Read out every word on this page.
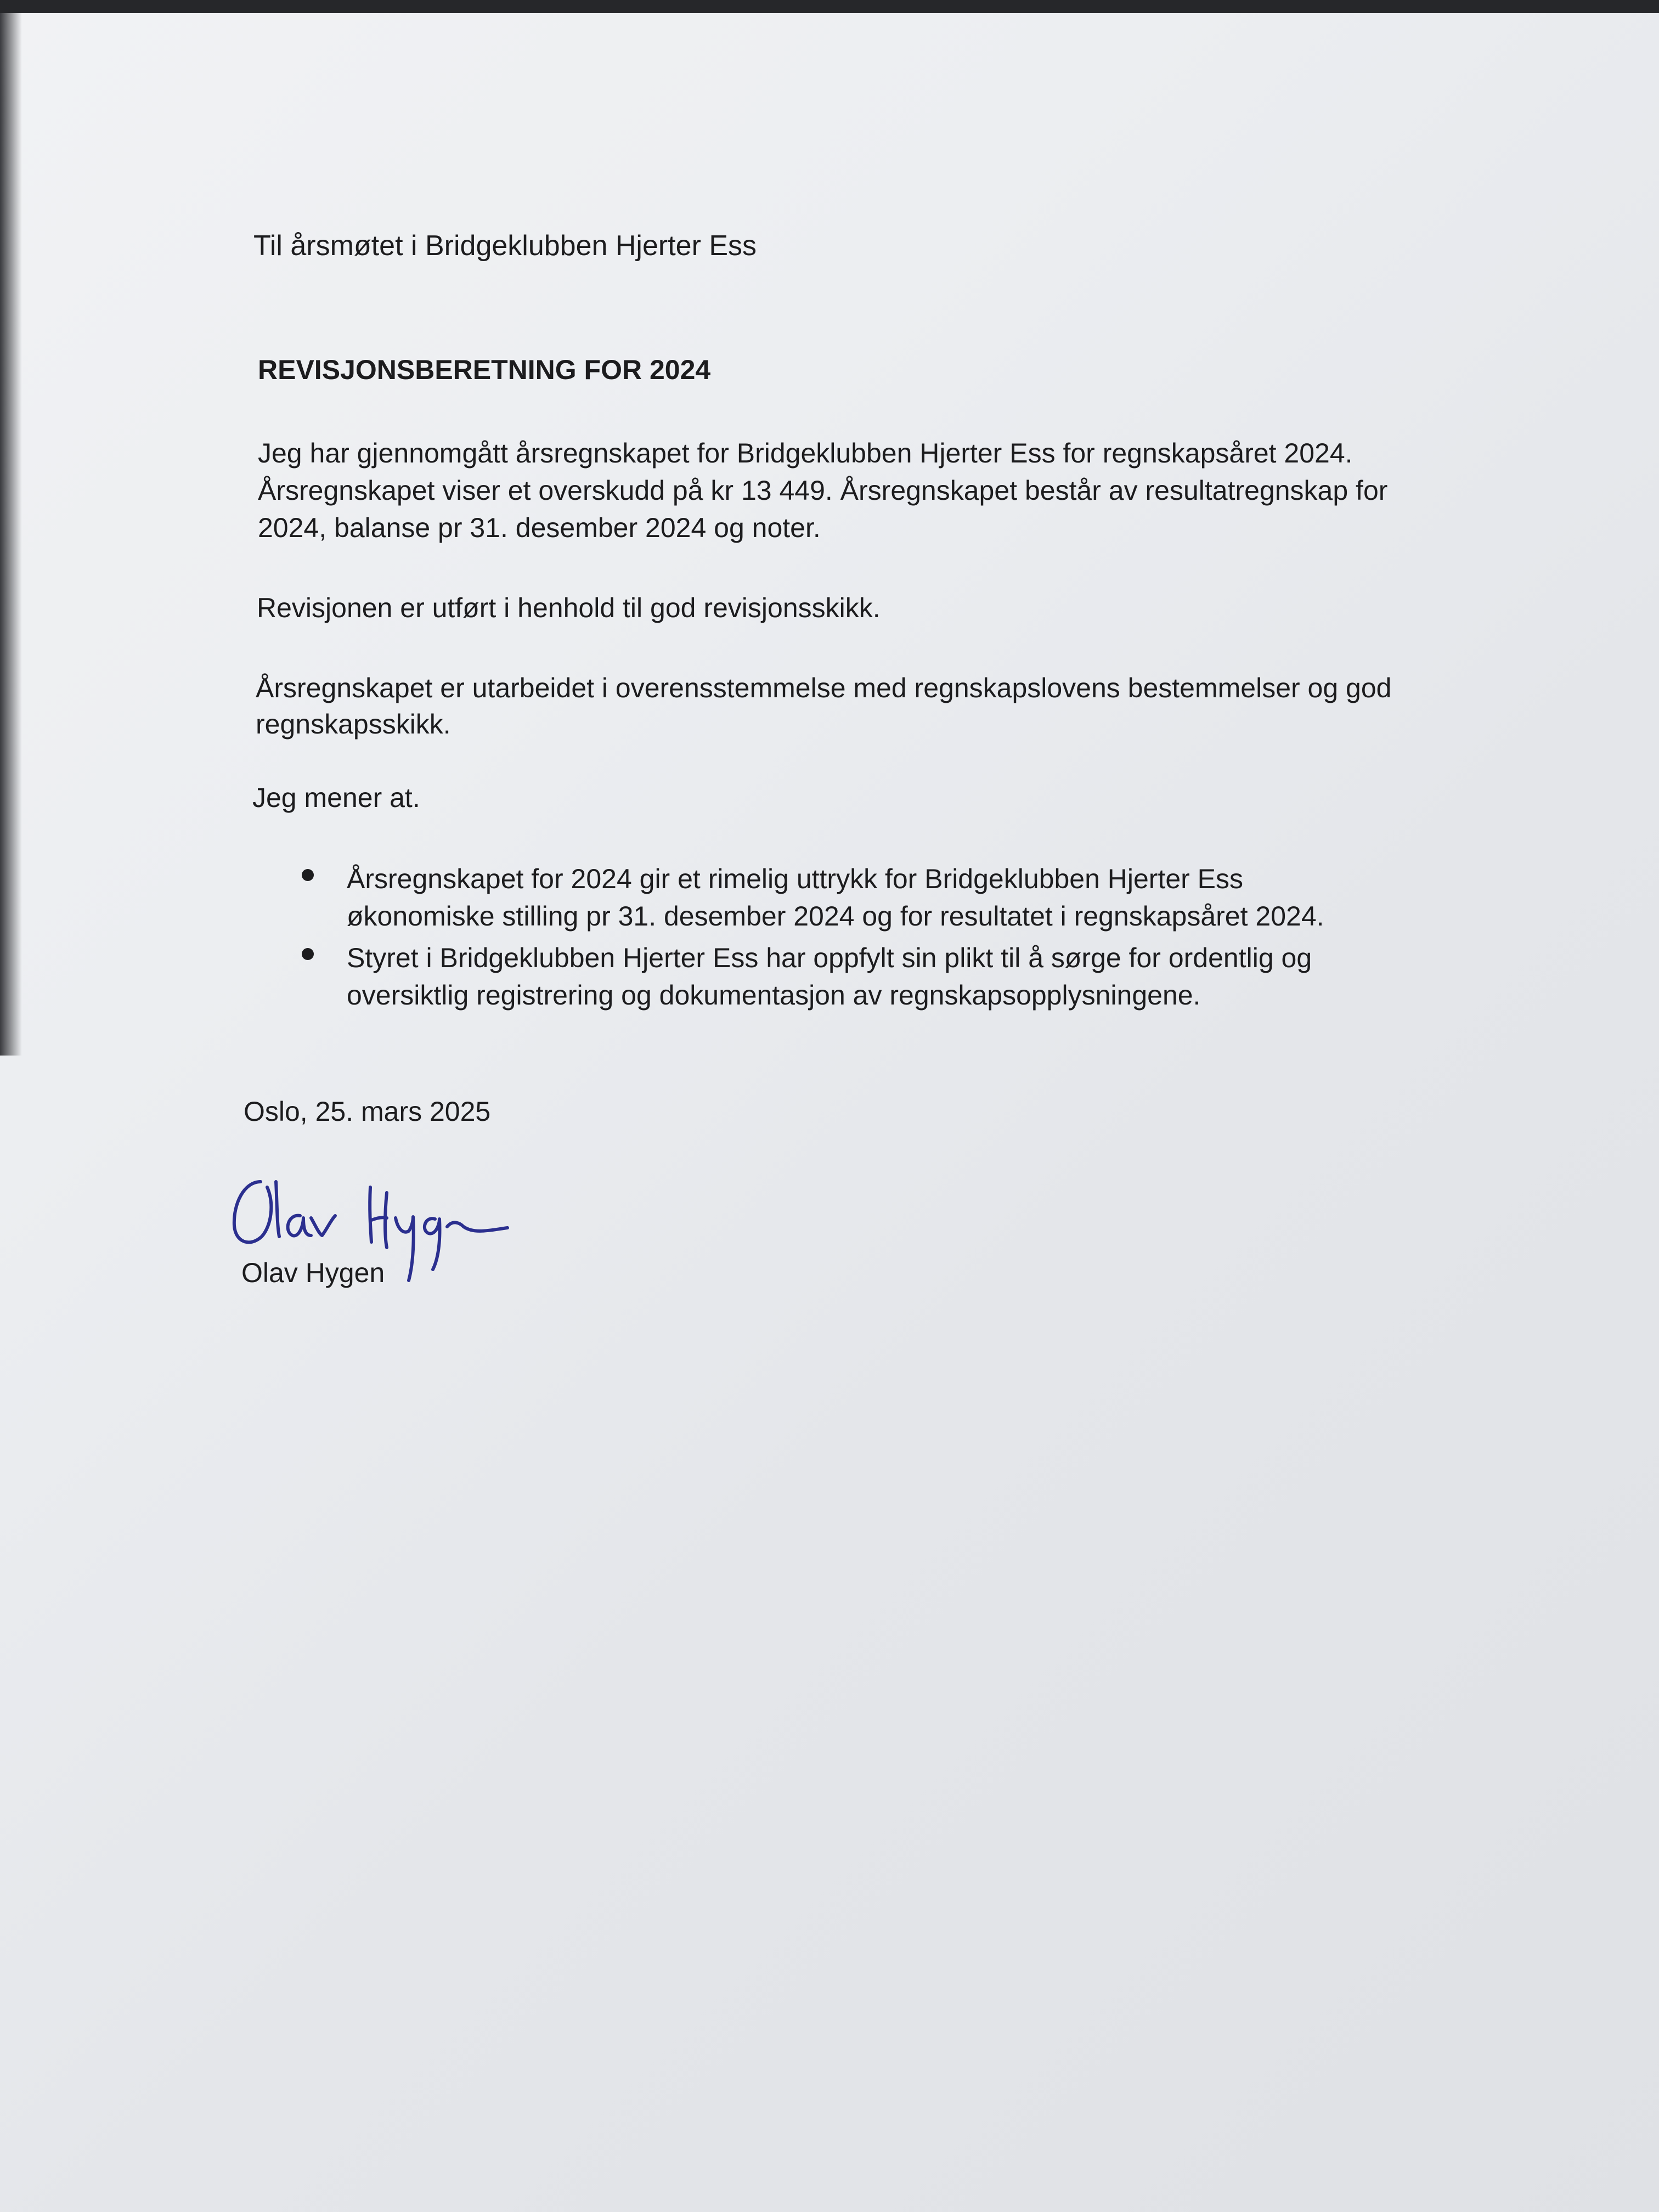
Til årsmøtet i Bridgeklubben Hjerter Ess
REVISJONSBERETNING FOR 2024
Jeg har gjennomgått årsregnskapet for Bridgeklubben Hjerter Ess for regnskapsåret 2024.
Årsregnskapet viser et overskudd på kr 13 449. Årsregnskapet består av resultatregnskap for
2024, balanse pr 31. desember 2024 og noter.
Revisjonen er utført i henhold til god revisjonsskikk.
Årsregnskapet er utarbeidet i overensstemmelse med regnskapslovens bestemmelser og god
regnskapsskikk.
Jeg mener at.
Årsregnskapet for 2024 gir et rimelig uttrykk for Bridgeklubben Hjerter Ess
økonomiske stilling pr 31. desember 2024 og for resultatet i regnskapsåret 2024.
Styret i Bridgeklubben Hjerter Ess har oppfylt sin plikt til å sørge for ordentlig og
oversiktlig registrering og dokumentasjon av regnskapsopplysningene.
Oslo, 25. mars 2025
Olav Hygen
